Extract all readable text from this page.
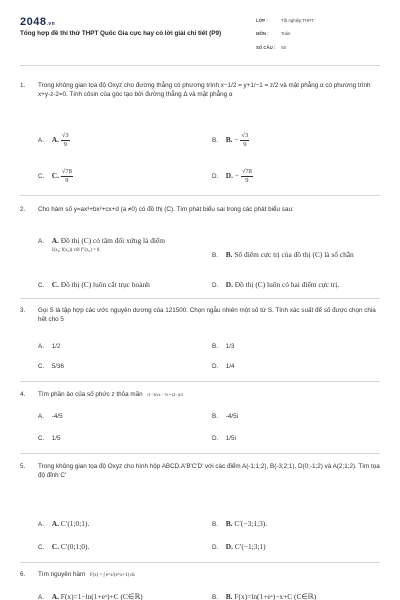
2048.vn
Tổng hợp đề thi thử THPT Quốc Gia cực hay có lời giải chi tiết (P9)
LỚP :	Tốt nghiệp THPT
MÔN :	Toán
SỐ CÂU : 50
1. Trong không gian tọa độ Oxyz cho đường thẳng có phương trình x−1/2 = y+1/−1 = z/2 và mặt phẳng α có phương trình x+y-z-2=0. Tính côsin của góc tạo bởi đường thẳng Δ và mặt phẳng α
A. A. $\frac{√3}{9}$	B. B. − $\frac{√3}{9}$
C. C. $\frac{√78}{9}$	D. D. − $\frac{√78}{9}$
2. Cho hàm số y=ax³+bx²+cx+d (a ≠0) có đồ thị (C). Tìm phát biểu sai trong các phát biểu sau:
A. A. Đồ thị (C) có tâm đối xứng là điểm
I(x₀; f(x₀)) với f″(x₀) = 0.
B. B. Số điểm cực trị của đồ thị (C) là số chẵn
C. C. Đồ thị (C) luôn cắt trục hoành	D. D. Đồ thị (C) luôn có hai điểm cực trị.
3. Gọi S là tập hợp các ước nguyên dương của 121500. Chọn ngẫu nhiên một số từ S. Tính xác suất để số được chọn chia hết cho 5
A. 1/2	B. 1/3
C. 5/36	D. 1/4
4. Tìm phần ảo của số phức z thỏa mãn (1−3i)/z − 5i = (2−i)/2
A. -4/5	B. -4/5i
C. 1/5	D. 1/5i
5. Trong không gian tọa độ Oxyz cho hình hộp ABCD.A'B'C'D' với các điểm A(-1;1;2), B(-3;2;1), D(0;-1;2) và A(2;1;2). Tìm tọa độ đỉnh C'
A. A. C′(1;0;1).	B. B. C′(−3;1;3).
C. C. C′(0;1;0).	D. D. C′(−1;3;1)
6. Tìm nguyên hàm F(x) = ∫ e^x/(e^x+1) dx
A. A. F(x)=1−ln(1+eˣ)+C (C∈ℝ)	B. B. F(x)=ln(1+eˣ)−x+C (C∈ℝ)
